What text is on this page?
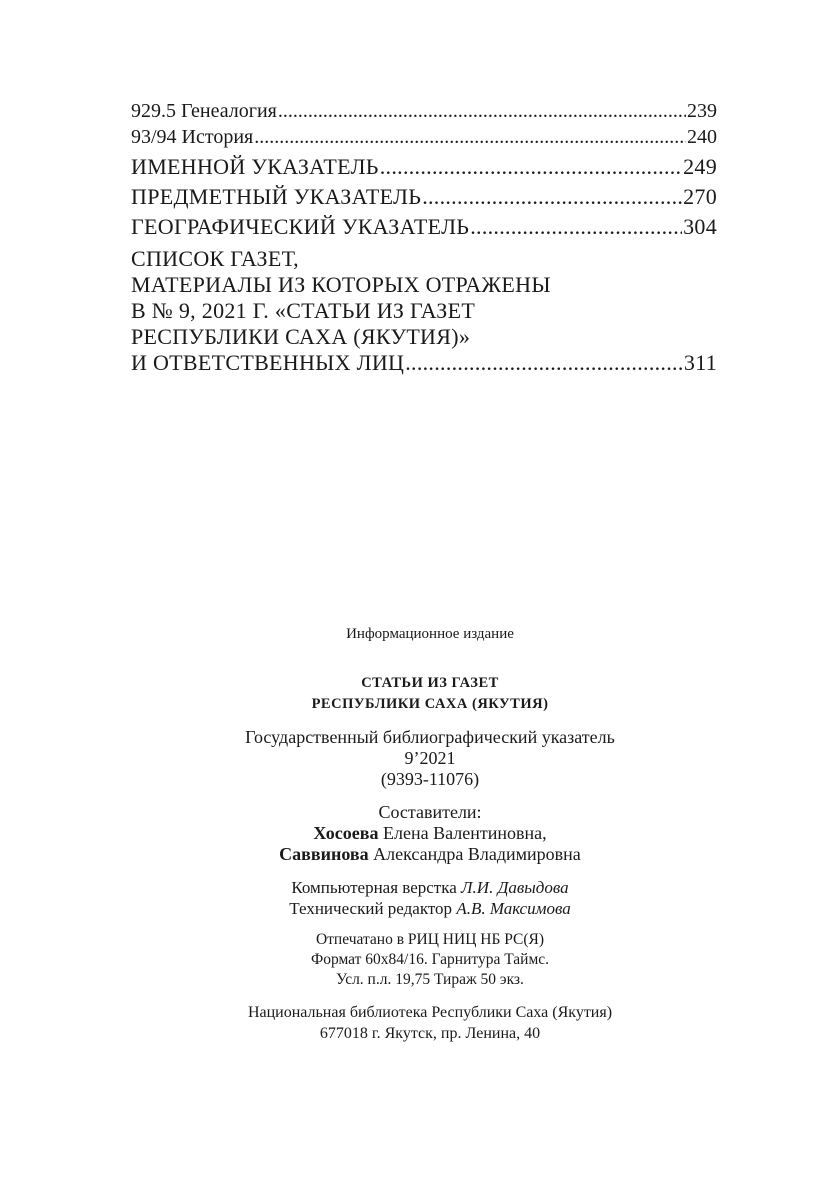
929.5 Генеалогия .....	239
93/94 История .....	240
ИМЕННОЙ УКАЗАТЕЛЬ .....	249
ПРЕДМЕТНЫЙ УКАЗАТЕЛЬ .....	270
ГЕОГРАФИЧЕСКИЙ УКАЗАТЕЛЬ .....	304
СПИСОК ГАЗЕТ,
МАТЕРИАЛЫ ИЗ КОТОРЫХ ОТРАЖЕНЫ
В № 9, 2021 Г. «СТАТЬИ ИЗ ГАЗЕТ
РЕСПУБЛИКИ САХА (ЯКУТИЯ)»
И ОТВЕТСТВЕННЫХ ЛИЦ .....	311
Информационное издание
СТАТЬИ ИЗ ГАЗЕТ
РЕСПУБЛИКИ САХА (ЯКУТИЯ)
Государственный библиографический указатель
9’2021
(9393-11076)
Составители:
Хосоева Елена Валентиновна,
Саввинова Александра Владимировна
Компьютерная верстка Л.И. Давыдова
Технический редактор А.В. Максимова
Отпечатано в РИЦ НИЦ НБ РС(Я)
Формат 60х84/16. Гарнитура Таймс.
Усл. п.л. 19,75 Тираж 50 экз.
Национальная библиотека Республики Саха (Якутия)
677018 г. Якутск, пр. Ленина, 40
